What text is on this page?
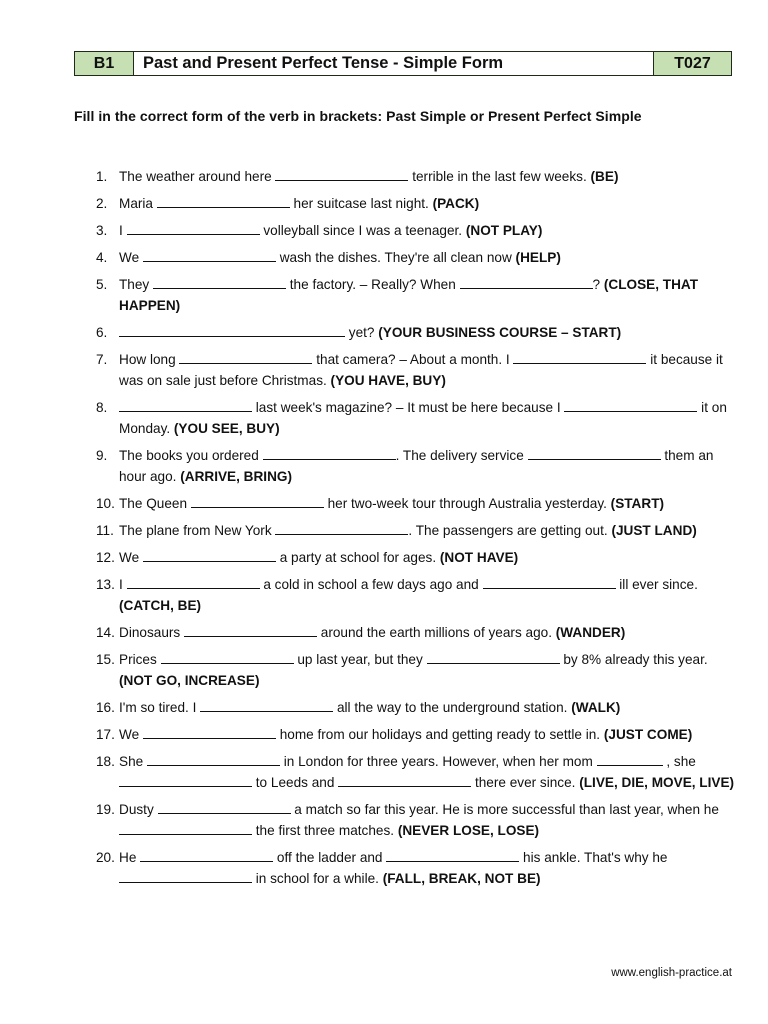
B1	Past and Present Perfect Tense - Simple Form	T027
Fill in the correct form of the verb in brackets: Past Simple or Present Perfect Simple
1. The weather around here	terrible in the last few weeks. (BE)
2. Maria	her suitcase last night. (PACK)
3. I	volleyball since I was a teenager. (NOT PLAY)
4. We	wash the dishes. They're all clean now (HELP)
5. They	the factory. – Really? When	? (CLOSE, THAT HAPPEN)
6.	yet? (YOUR BUSINESS COURSE – START)
7. How long	that camera? – About a month. I	it because it was on sale just before Christmas. (YOU HAVE, BUY)
8.	last week's magazine? – It must be here because I	it on Monday. (YOU SEE, BUY)
9. The books you ordered	. The delivery service	them an hour ago. (ARRIVE, BRING)
10. The Queen	her two-week tour through Australia yesterday. (START)
11. The plane from New York	. The passengers are getting out. (JUST LAND)
12. We	a party at school for ages. (NOT HAVE)
13. I	a cold in school a few days ago and	ill ever since. (CATCH, BE)
14. Dinosaurs	around the earth millions of years ago. (WANDER)
15. Prices	up last year, but they	by 8% already this year. (NOT GO, INCREASE)
16. I'm so tired. I	all the way to the underground station. (WALK)
17. We	home from our holidays and getting ready to settle in. (JUST COME)
18. She	in London for three years. However, when her mom	, she  to Leeds and	there ever since. (LIVE, DIE, MOVE, LIVE)
19. Dusty	a match so far this year. He is more successful than last year, when he  the first three matches. (NEVER LOSE, LOSE)
20. He	off the ladder and	his ankle. That's why he  in school for a while. (FALL, BREAK, NOT BE)
www.english-practice.at
